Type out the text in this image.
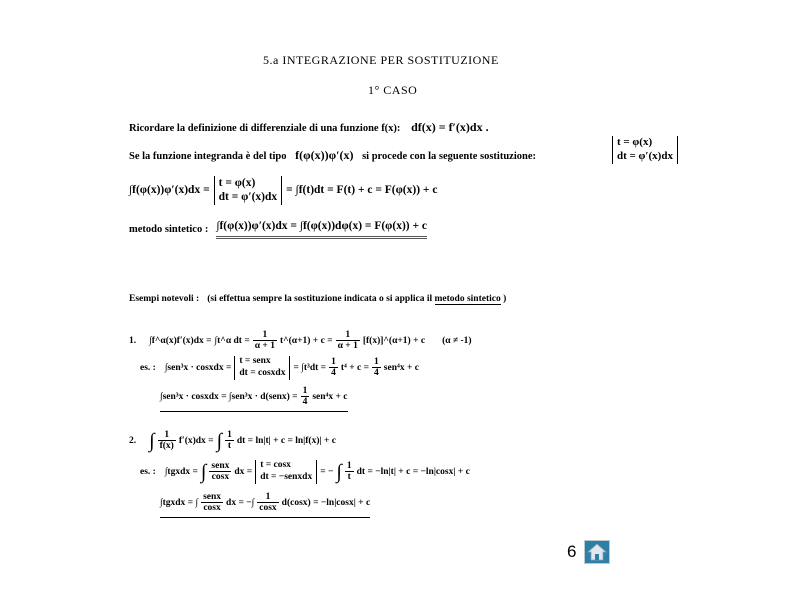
5.a INTEGRAZIONE PER SOSTITUZIONE
1° CASO
Ricordare la definizione di differenziale di una funzione f(x): df(x) = f′(x)dx .
Se la funzione integranda è del tipo f(φ(x))φ′(x) si procede con la seguente sostituzione:
t = φ(x)
dt = φ′(x)dx
∫f(φ(x))φ′(x)dx =
t = φ(x)
dt = φ′(x)dx
= ∫f(t)dt = F(t) + c = F(φ(x)) + c
metodo sintetico : ∫f(φ(x))φ′(x)dx = ∫f(φ(x))dφ(x) = F(φ(x)) + c
Esempi notevoli : (si effettua sempre la sostituzione indicata o si applica il metodo sintetico )
1. ∫f^α(x)f′(x)dx = ∫t^α dt = $\frac{1}{\alpha + 1}$ t^(α+1) + $c = \frac{1}{\alpha + 1}$ [f(x)]^(α+1) + c (α ≠ -1)
es. : ∫sen³x · cosxdx =
t = senx
dt = cosxdx = $\int t^3dt = \frac{1}{4} t^4 + c = \frac{1}{4} sen^4x + c$
∫sen³x · cosxdx = ∫sen³x · d(senx) = $\frac{1}{4} sen^4x + c$
2. ∫ $\frac{1}{f(x)} f'(x)dx$ = ∫ $\frac{1}{t}$ dt = ln|t| + c = ln|f(x)| + c
es. : ∫tgxdx = ∫ $\frac{\text{senx}}{\cos x}$ dx =
t = cosx
dt = −senxdx = − ∫ $\frac{1}{t}$ dt = −ln|t| + c = −ln|cosx| + c
∫tgxdx = ∫ $\frac{\text{senx}}{\cos x}$ dx = −∫ $\frac{1}{\cos x} d(\cos x) = -\ln|\cos x| + c$
6
